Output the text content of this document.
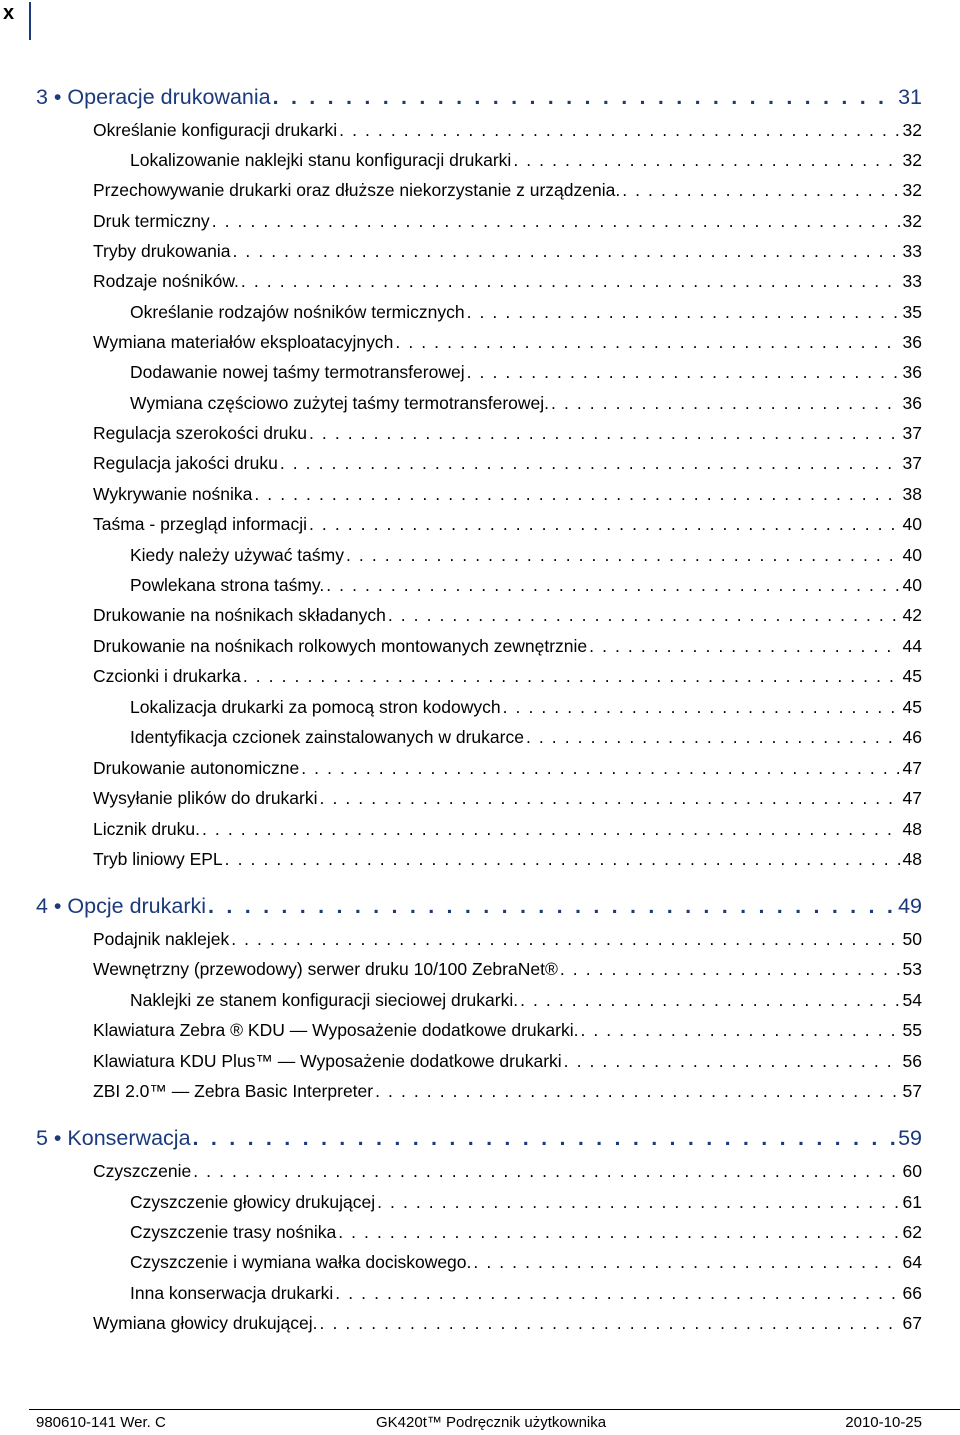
x
3 • Operacje drukowania . . .	31
Określanie konfiguracji drukarki . . .	32
Lokalizowanie naklejki stanu konfiguracji drukarki . . .	32
Przechowywanie drukarki oraz dłuższe niekorzystanie z urządzenia. . . .	32
Druk termiczny . . .	32
Tryby drukowania . . .	33
Rodzaje nośników. . . .	33
Określanie rodzajów nośników termicznych . . .	35
Wymiana materiałów eksploatacyjnych . . .	36
Dodawanie nowej taśmy termotransferowej . . .	36
Wymiana częściowo zużytej taśmy termotransferowej. . . .	36
Regulacja szerokości druku . . .	37
Regulacja jakości druku . . .	37
Wykrywanie nośnika . . .	38
Taśma - przegląd informacji . . .	40
Kiedy należy używać taśmy . . .	40
Powlekana strona taśmy. . . .	40
Drukowanie na nośnikach składanych . . .	42
Drukowanie na nośnikach rolkowych montowanych zewnętrznie . . .	44
Czcionki i drukarka . . .	45
Lokalizacja drukarki za pomocą stron kodowych . . .	45
Identyfikacja czcionek zainstalowanych w drukarce . . .	46
Drukowanie autonomiczne . . .	47
Wysyłanie plików do drukarki . . .	47
Licznik druku. . . .	48
Tryb liniowy EPL . . .	48
4 • Opcje drukarki . . .	49
Podajnik naklejek . . .	50
Wewnętrzny (przewodowy) serwer druku 10/100 ZebraNet® . . .	53
Naklejki ze stanem konfiguracji sieciowej drukarki. . . .	54
Klawiatura Zebra ® KDU — Wyposażenie dodatkowe drukarki. . . .	55
Klawiatura KDU Plus™ — Wyposażenie dodatkowe drukarki . . .	56
ZBI 2.0™ — Zebra Basic Interpreter . . .	57
5 • Konserwacja . . .	59
Czyszczenie . . .	60
Czyszczenie głowicy drukującej . . .	61
Czyszczenie trasy nośnika . . .	62
Czyszczenie i wymiana wałka dociskowego. . . .	64
Inna konserwacja drukarki . . .	66
Wymiana głowicy drukującej. . . .	67
980610-141 Wer. C	GK420t™ Podręcznik użytkownika	2010-10-25
